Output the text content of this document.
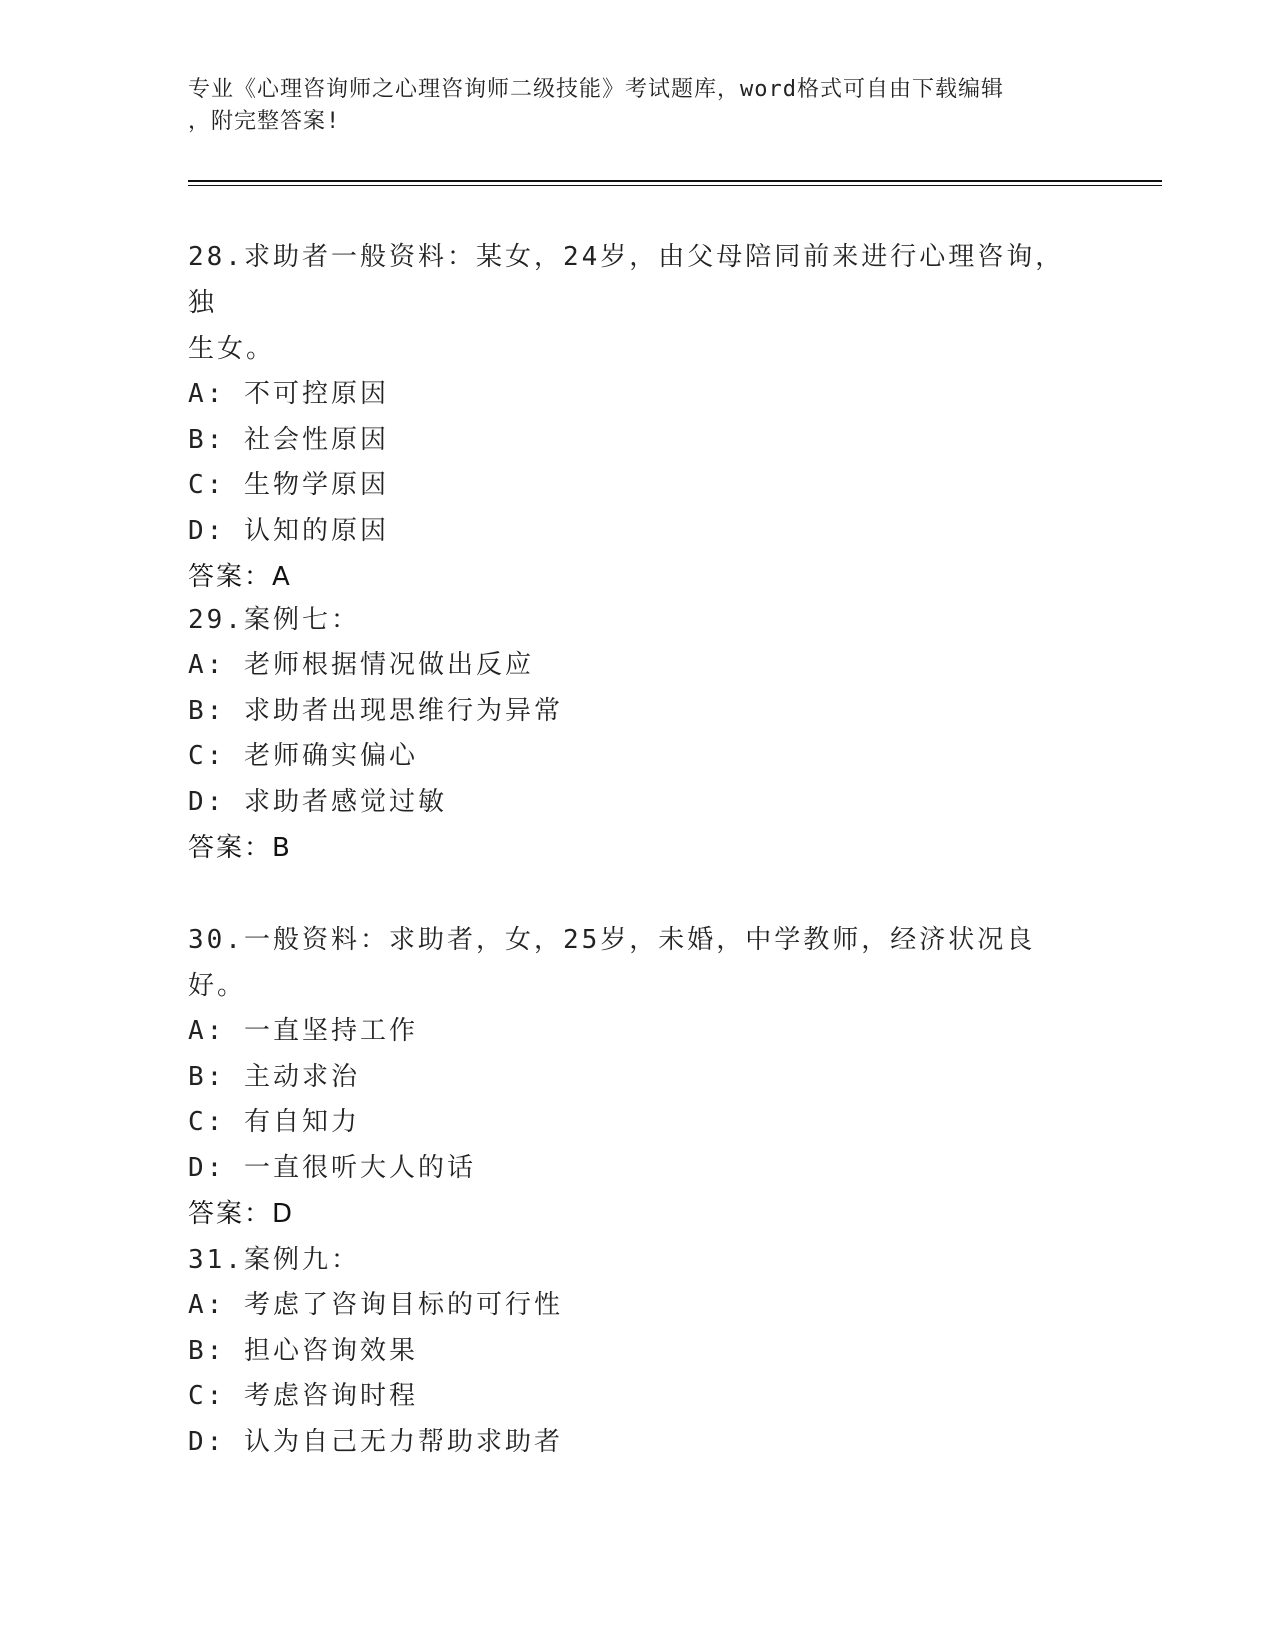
专业《心理咨询师之心理咨询师二级技能》考试题库，word格式可自由下载编辑
，附完整答案!
28.求助者一般资料：某女，24岁，由父母陪同前来进行心理咨询，独
生女。
A: 不可控原因
B: 社会性原因
C: 生物学原因
D: 认知的原因
答案：A
29.案例七：
A: 老师根据情况做出反应
B: 求助者出现思维行为异常
C: 老师确实偏心
D: 求助者感觉过敏
答案：B
30.一般资料：求助者，女，25岁，未婚，中学教师，经济状况良好。
A: 一直坚持工作
B: 主动求治
C: 有自知力
D: 一直很听大人的话
答案：D
31.案例九：
A: 考虑了咨询目标的可行性
B: 担心咨询效果
C: 考虑咨询时程
D: 认为自己无力帮助求助者
